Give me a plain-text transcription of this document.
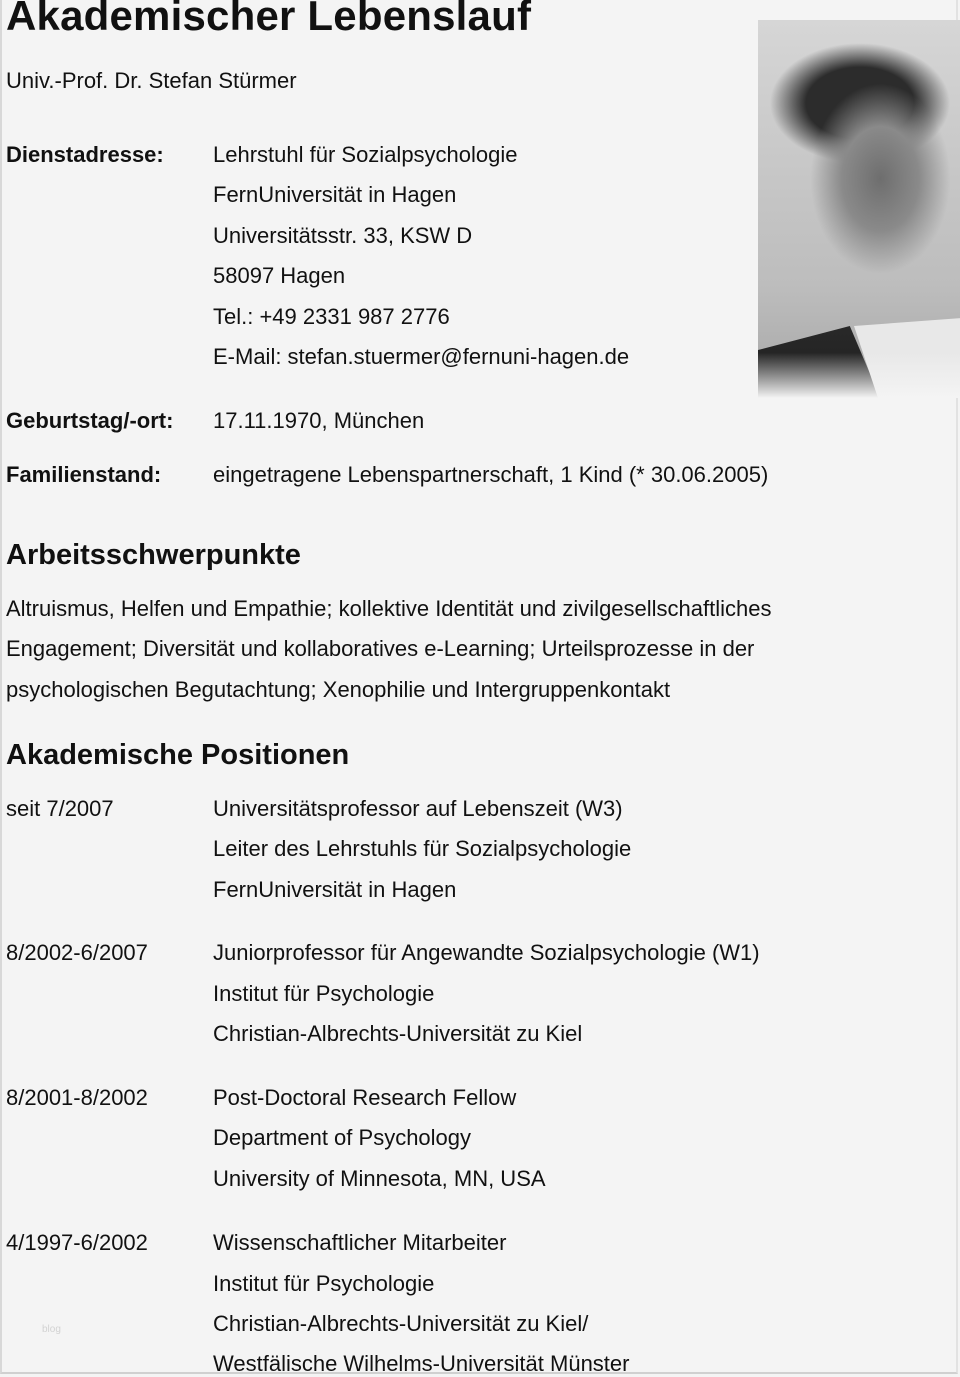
Akademischer Lebenslauf
Univ.-Prof. Dr. Stefan Stürmer
Dienstadresse: Lehrstuhl für Sozialpsychologie
FernUniversität in Hagen
Universitätsstr. 33, KSW D
58097 Hagen
Tel.: +49 2331 987 2776
E-Mail: stefan.stuermer@fernuni-hagen.de
Geburtstag/-ort: 17.11.1970, München
Familienstand: eingetragene Lebenspartnerschaft, 1 Kind (* 30.06.2005)
Arbeitsschwerpunkte
Altruismus, Helfen und Empathie; kollektive Identität und zivilgesellschaftliches
Engagement; Diversität und kollaboratives e-Learning; Urteilsprozesse in der
psychologischen Begutachtung; Xenophilie und Intergruppenkontakt
Akademische Positionen
seit 7/2007	Universitätsprofessor auf Lebenszeit (W3)
Leiter des Lehrstuhls für Sozialpsychologie
FernUniversität in Hagen
8/2002-6/2007	Juniorprofessor für Angewandte Sozialpsychologie (W1)
Institut für Psychologie
Christian-Albrechts-Universität zu Kiel
8/2001-8/2002	Post-Doctoral Research Fellow
Department of Psychology
University of Minnesota, MN, USA
4/1997-6/2002	Wissenschaftlicher Mitarbeiter
Institut für Psychologie
Christian-Albrechts-Universität zu Kiel/
Westfälische Wilhelms-Universität Münster
blog
